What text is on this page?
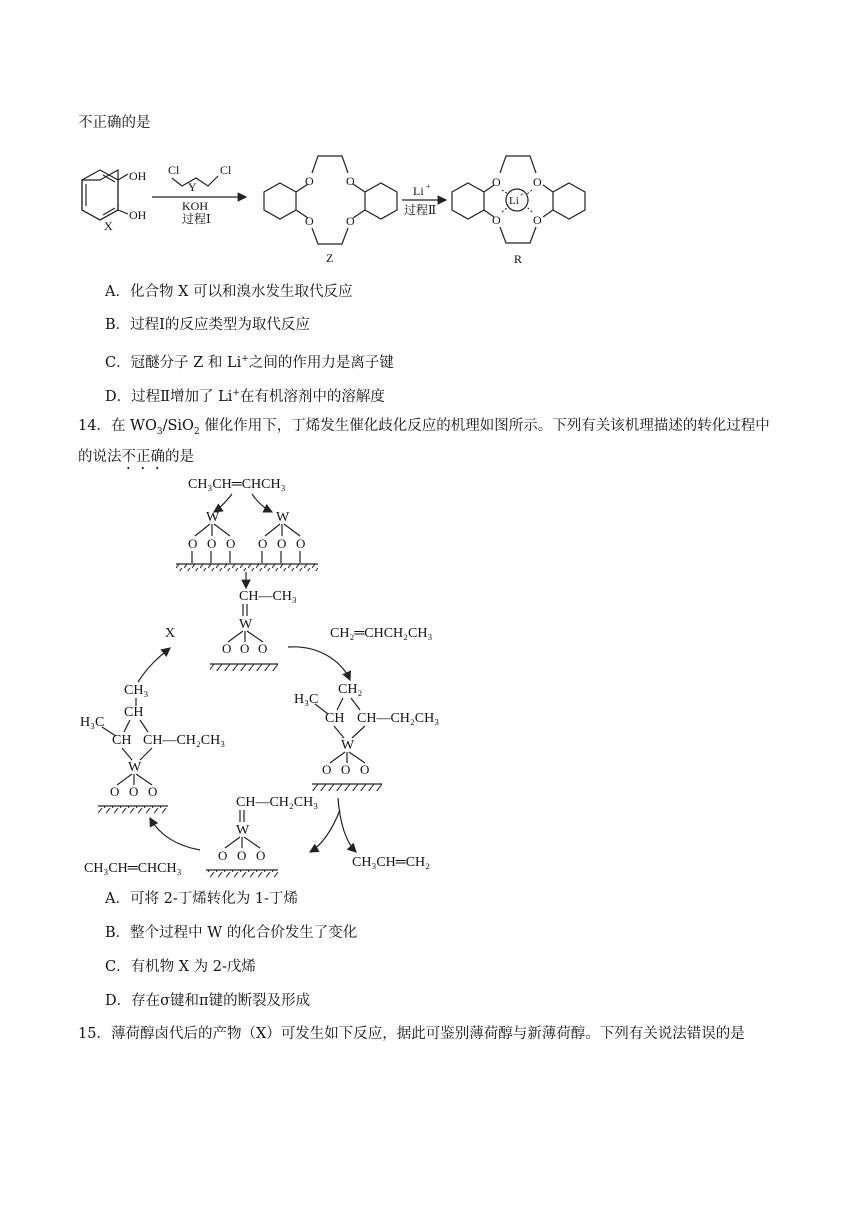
不正确的是
OH
OH
X
Cl	Cl
Y
KOH
过程Ⅰ
O	O
O	O
Z
Li +
过程Ⅱ
O	O
O	O
Li +
R
A．化合物 X 可以和溴水发生取代反应
B．过程Ⅰ的反应类型为取代反应
C．冠醚分子 Z 和 Li+之间的作用力是离子键
D．过程Ⅱ增加了 Li+在有机溶剂中的溶解度
14．在 $WO_3/SiO_2$ 催化作用下，丁烯发生催化歧化反应的机理如图所示。下列有关该机理描述的转化过程中
的说法不正确的是
CH₃CH═CHCH₃
W
O O O
W
O O O
CH—CH₃
W
O O O
CH₂═CHCH₂CH₃
X
CH₂
H₃C
CH CH—CH₂CH₃
W
O O O
CH₃CH═CH₂
CH—CH₂CH₃
W
O O O
CH₃CH═CHCH₃
CH₃
CH
H₃C
CH CH—CH₂CH₃
W
O O O
A．可将 2-丁烯转化为 1-丁烯
B．整个过程中 W 的化合价发生了变化
C．有机物 X 为 2-戊烯
D．存在σ键和π键的断裂及形成
15．薄荷醇卤代后的产物（X）可发生如下反应，据此可鉴别薄荷醇与新薄荷醇。下列有关说法错误的是
